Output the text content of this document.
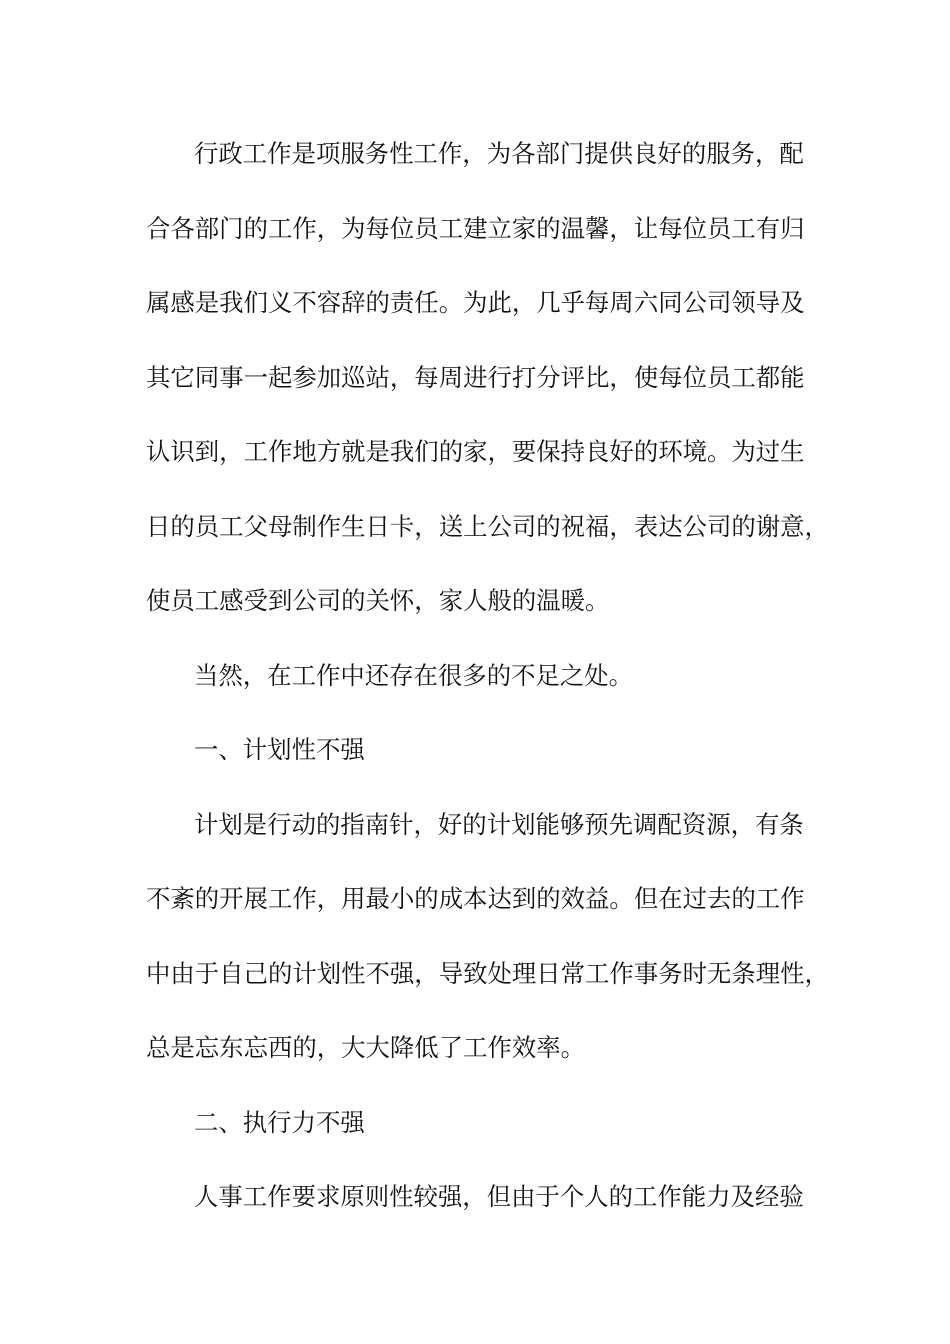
行政工作是项服务性工作，为各部门提供良好的服务，配
合各部门的工作，为每位员工建立家的温馨，让每位员工有归
属感是我们义不容辞的责任。为此，几乎每周六同公司领导及
其它同事一起参加巡站，每周进行打分评比，使每位员工都能
认识到，工作地方就是我们的家，要保持良好的环境。为过生
日的员工父母制作生日卡，送上公司的祝福，表达公司的谢意，
使员工感受到公司的关怀，家人般的温暖。
当然，在工作中还存在很多的不足之处。
一、计划性不强
计划是行动的指南针，好的计划能够预先调配资源，有条
不紊的开展工作，用最小的成本达到的效益。但在过去的工作
中由于自己的计划性不强，导致处理日常工作事务时无条理性，
总是忘东忘西的，大大降低了工作效率。
二、执行力不强
人事工作要求原则性较强，但由于个人的工作能力及经验
